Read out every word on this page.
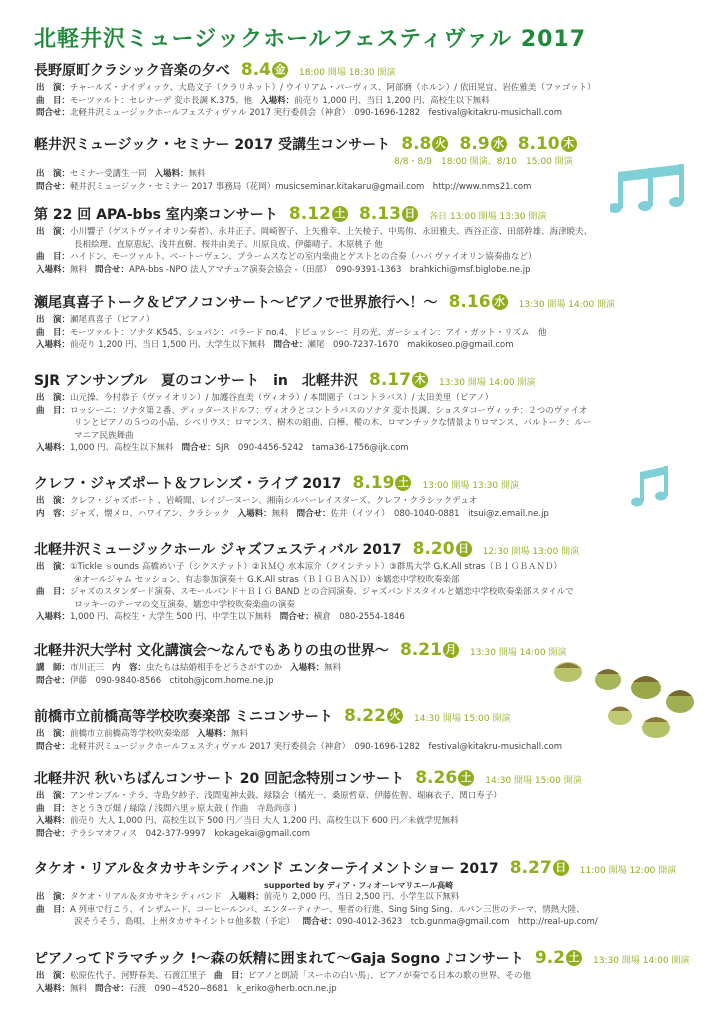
北軽井沢ミュージックホールフェスティヴァル 2017
長野原町クラシック音楽の夕べ 8.4 金 18:00 開場 18:30 開演
出　演：チャールズ・ナイディック、大島文子（クラリネット）/ ウイリアム・パーヴィス、阿部磨（ホルン）/ 依田晃宜、岩佐雅美（ファゴット）
曲　目：モーツァルト：セレナーデ 変ホ長調 K.375、他 入場料：前売り 1,000 円、当日 1,200 円、高校生以下無料
問合せ：北軽井沢ミュージックホールフェスティヴァル 2017 実行委員会（神倉）　090-1696-1282　festival@kitakru-musichall.com
軽井沢ミュージック・セミナー 2017 受講生コンサート 8.8 火 8.9 水 8.10 木
8/8・8/9　18:00 開演、8/10　15:00 開演
出　演：セミナー受講生一同 入場料：無料
問合せ：軽井沢ミュージック・セミナー 2017 事務局（花岡）musicseminar.kitakaru@gmail.com　http://www.nms21.com
第 22 回 APA-bbs 室内楽コンサート 8.12 土 8.13 日 各日 13:00 開場 13:30 開演
出　演：小川響子（ゲストヴァイオリン奏者）、永井正子、岡崎智子、上矢雅幸、上矢棱子、中馬侑、永田雅夫、西谷正彦、田部幹雄、海津暁夫、
長相絵理、直原恵紀、浅井直樹、桜井由美子、川原良成、伊藤晴子、木原桃子 他
曲　目：ハイドン、モーツァルト、ベートーヴェン、ブラームスなどの室内楽曲とゲストとの合奏（ハバ ヴァイオリン協奏曲など）
入場料：無料 問合せ：APA-bbs -NPO 法人アマチュア演奏会協会 -（田部）　090-9391-1363　brahkichi@msf.biglobe.ne.jp
瀬尾真喜子トーク＆ピアノコンサート〜ピアノで世界旅行へ！〜 8.16 水 13:30 開場 14:00 開演
出　演：瀬尾真喜子（ピアノ）
曲　目：モーツァルト：ソナタ K545、ショパン：バラード no.4、ドビュッシー：月の光、ガーシュイン：アイ・ガット・リズム　他
入場料：前売り 1,200 円、当日 1,500 円、大学生以下無料 問合せ：瀬尾　090-7237-1670　makikoseo.p@gmail.com
SJR アンサンブル　夏のコンサート　in　北軽井沢 8.17 木 13:30 開場 14:00 開演
出　演：山元操、今村恭子（ヴァイオリン）/ 加護谷直美（ヴィオラ）/ 本間園子（コントラバス）/ 太田美里（ピアノ）
曲　目：ロッシーニ：ソナタ第２番、ディッタースドルフ：ヴィオラとコントラバスのソナタ 変ホ長調、ショスタコーヴィッチ：２つのヴァイオ
リンとピアノの５つの小品、シベリウス：ロマンス、樹木の組曲、白樺、樅の木、ロマンチックな情景よりロマンス、バルトーク：ルー
マニア民族舞曲
入場料：1,000 円、高校生以下無料 問合せ：SJR　090-4456-5242　tama36-1756@ijk.com
クレフ・ジャズポート＆フレンズ・ライブ 2017 8.19 土 13:00 開場 13:30 開演
出　演：クレフ・ジャズポート 、岩崎聞、レイジーヌーン、湘南シルバーレイスターズ、クレフ・クラシックデュオ
内　容：ジャズ、懐メロ、ハワイアン、クラシック 入場料：無料 問合せ：佐井（イツイ）　080-1040-0881　itsui@z.email.ne.jp
北軽井沢ミュージックホール ジャズフェスティバル 2017 8.20 日 12:30 開場 13:00 開演
出　演：①Tickle ｓounds 高橋めい子（シクステット）②ＲＭＱ 水本涼介（クインテット）③群馬大学 G.K.All stras（ＢＩＧＢＡＮＤ）
④オールジャム セッション、有志参加演奏＋ G.K.All stras（ＢＩＧＢＡＮＤ）⑤嬬恋中学校吹奏楽部
曲　目：ジャズのスタンダード演奏、スモールバンド＋ＢＩＧ BAND との合同演奏、ジャズバンドスタイルと嬬恋中学校吹奏楽部スタイルで
ロッキーのテーマの交互演奏、嬬恋中学校吹奏楽曲の演奏
入場料：1,000 円、高校生・大学生 500 円、中学生以下無料 問合せ：横倉　080-2554-1846
北軽井沢大学村 文化講演会〜なんでもありの虫の世界〜 8.21 月 13:30 開場 14:00 開演
講　師：市川正三 内　容：虫たちは結婚相手をどうさがすのか 入場料：無料
問合せ：伊藤　090-9840-8566　ctitoh@jcom.home.ne.jp
前橋市立前橋高等学校吹奏楽部 ミニコンサート 8.22 火 14:30 開場 15:00 開演
出　演：前橋市立前橋高等学校吹奏楽部 入場料：無料
問合せ：北軽井沢ミュージックホールフェスティヴァル 2017 実行委員会（神倉）　090-1696-1282　festival@kitakru-musichall.com
北軽井沢 秋いちばんコンサート 20 回記念特別コンサート 8.26 土 14:30 開場 15:00 開演
出　演：アンサンブル・テラ、寺島夕紗子、浅間鬼神太鼓、緑陰会（橘光一、桑原哲章、伊藤佐智、堀麻衣子、関口寿子）
曲　目：さとうきび畑 / 緑陰 / 浅間六里ヶ原太鼓 ( 作曲　寺島尚彦 )
入場料：前売り 大人 1,000 円、高校生以下 500 円／当日 大人 1,200 円、高校生以下 600 円／未就学児無料
問合せ：テラシマオフィス　042-377-9997　kokagekai@gmail.com
タケオ・リアル＆タカサキシティバンド エンターテイメントショー 2017 8.27 日 11:00 開場 12:00 開演
supported by ディア・フィオーレマリエール高崎
出　演：タケオ・リアル＆タカサキシティバンド 入場料：前売り 2,000 円、当日 2,500 円、小学生以下無料
曲　目：A 列車で行こう、インザムード、コーヒールンバ、エンターティナー、聖者の行進、Sing Sing Sing、ルパン三世のテーマ、情熱大陸、
涙そうそう、島唄、上州タカサキイントロ他多数（予定） 問合せ：090-4012-3623　tcb.gunma@gmail.com　http://real-up.com/
ピアノってドラマチック !〜森の妖精に囲まれて〜Gaja Sogno ♪コンサート 9.2 土 13:30 開場 14:00 開演
出　演：松原佐代子、河野春美、石渡江里子 曲　目：ピアノと朗読「スーホの白い馬」、ピアノが奏でる日本の歌の世界、その他
入場料：無料 問合せ：石渡　090−4520−8681　k_eriko@herb.ocn.ne.jp
